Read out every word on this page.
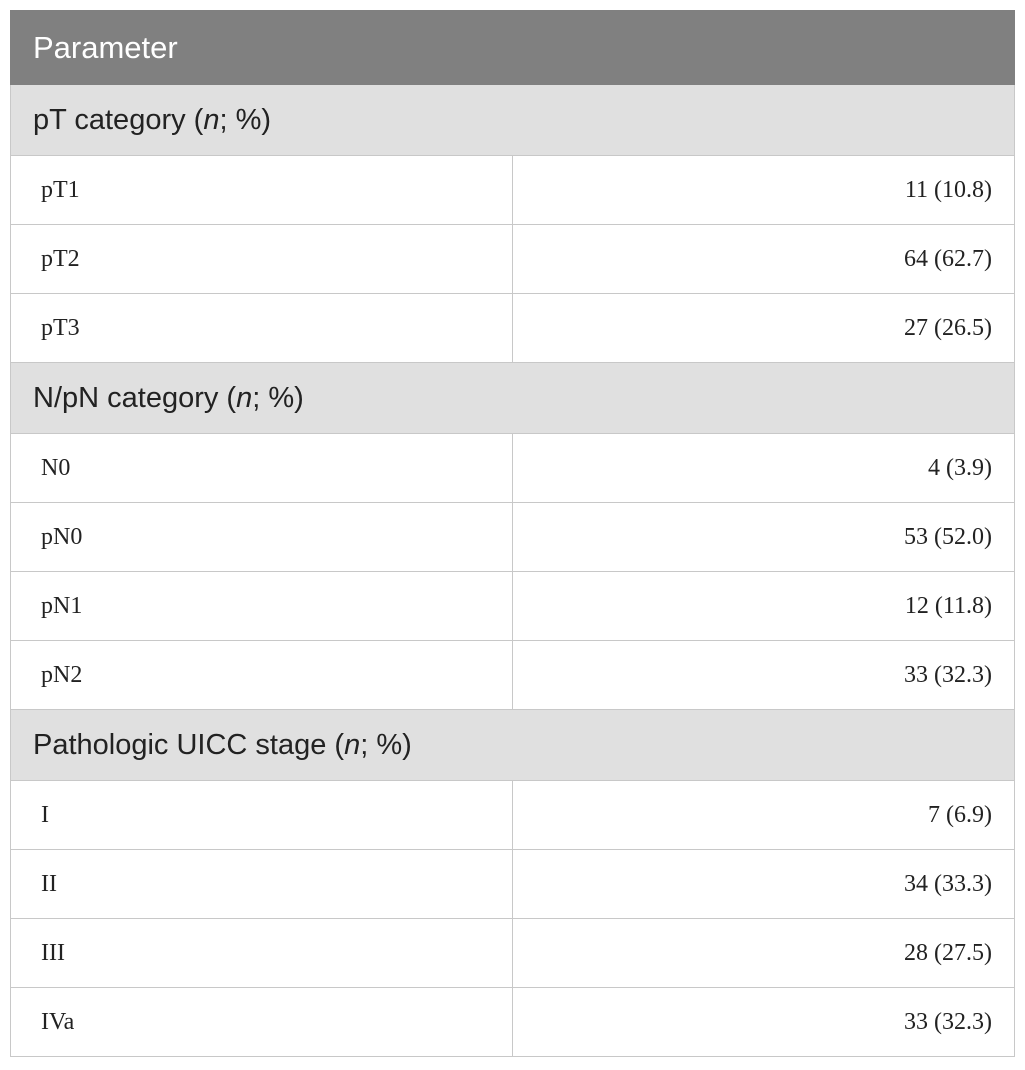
Parameter	
pT category (n; %)	
pT1	11 (10.8)
pT2	64 (62.7)
pT3	27 (26.5)
N/pN category (n; %)	
N0	4 (3.9)
pN0	53 (52.0)
pN1	12 (11.8)
pN2	33 (32.3)
Pathologic UICC stage (n; %)	
I	7 (6.9)
II	34 (33.3)
III	28 (27.5)
IVa	33 (32.3)
